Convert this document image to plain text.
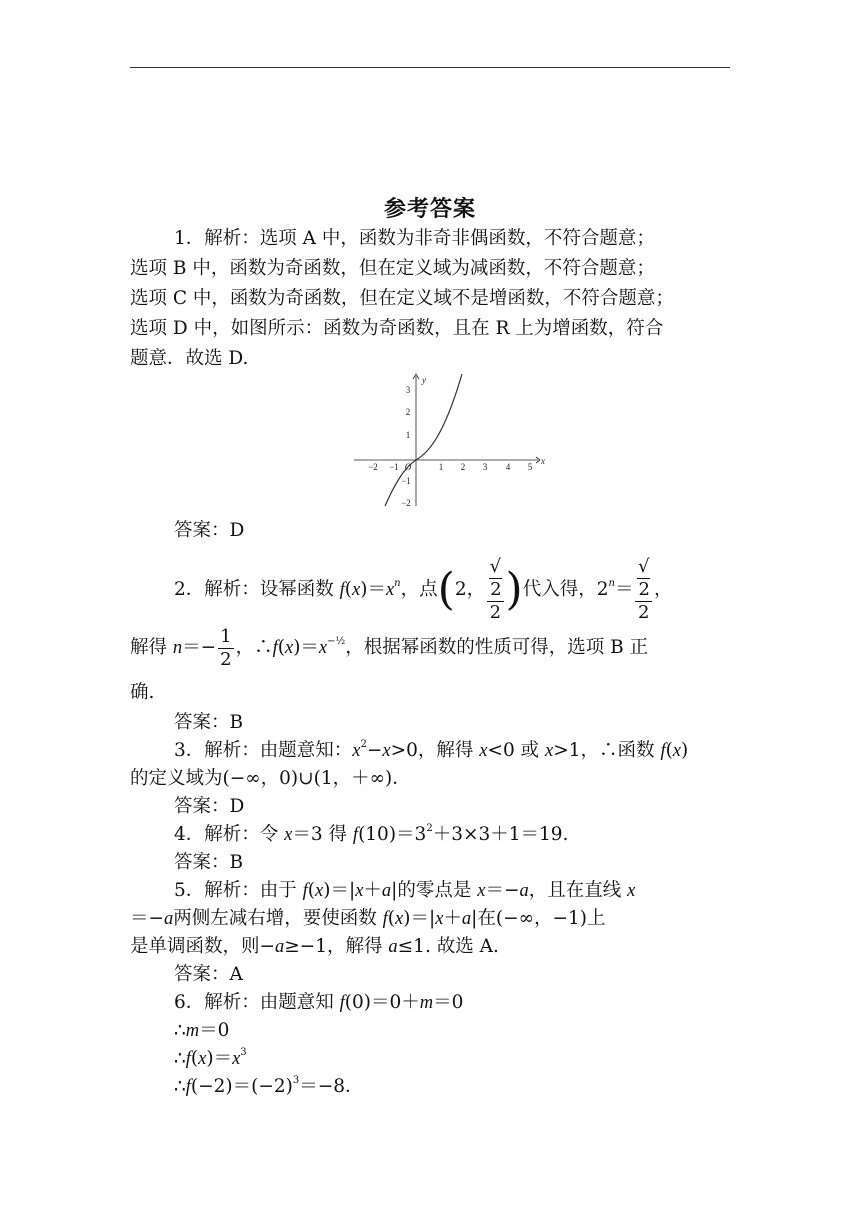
参考答案
1．解析：选项 A 中，函数为非奇非偶函数，不符合题意；
选项 B 中，函数为奇函数，但在定义域为减函数，不符合题意；
选项 C 中，函数为奇函数，但在定义域不是增函数，不符合题意；
选项 D 中，如图所示：函数为奇函数，且在 R 上为增函数，符合
题意．故选 D.
−2 −1	1 2 3 4 5
3
2
1
−1
−2
O
x
y
答案：D
2．解析：设幂函数 $f(x)=x^n$，点(2， √
2
2 )代入得，$2^n=$ √
2
2 ，
解得 $n=- \frac{1}{2}$ ，$\therefore f(x)=x^{-\frac{1}{2}}$，根据幂函数的性质可得，选项 B 正
确.
答案：B
3．解析：由题意知：$x^2-x>0$，解得 x<0 或 x>1，∴函数 f(x)
的定义域为(−∞，0)∪(1，＋∞)．
答案：D
4．解析：令 x＝3 得 $f(10)=3^2+3\times 3+1=19$.
答案：B
5．解析：由于 f(x)＝|x＋a|的零点是 x＝−a，且在直线 x
＝−a两侧左减右增，要使函数 f(x)＝|x＋a|在(−∞，−1)上
是单调函数，则−a≥−1，解得 a≤1. 故选 A.
答案：A
6．解析：由题意知 f(0)＝0＋m＝0
∴m＝0
$\therefore f(x)=x^3$
$\therefore f(-2)=(-2)^3=-8$．
